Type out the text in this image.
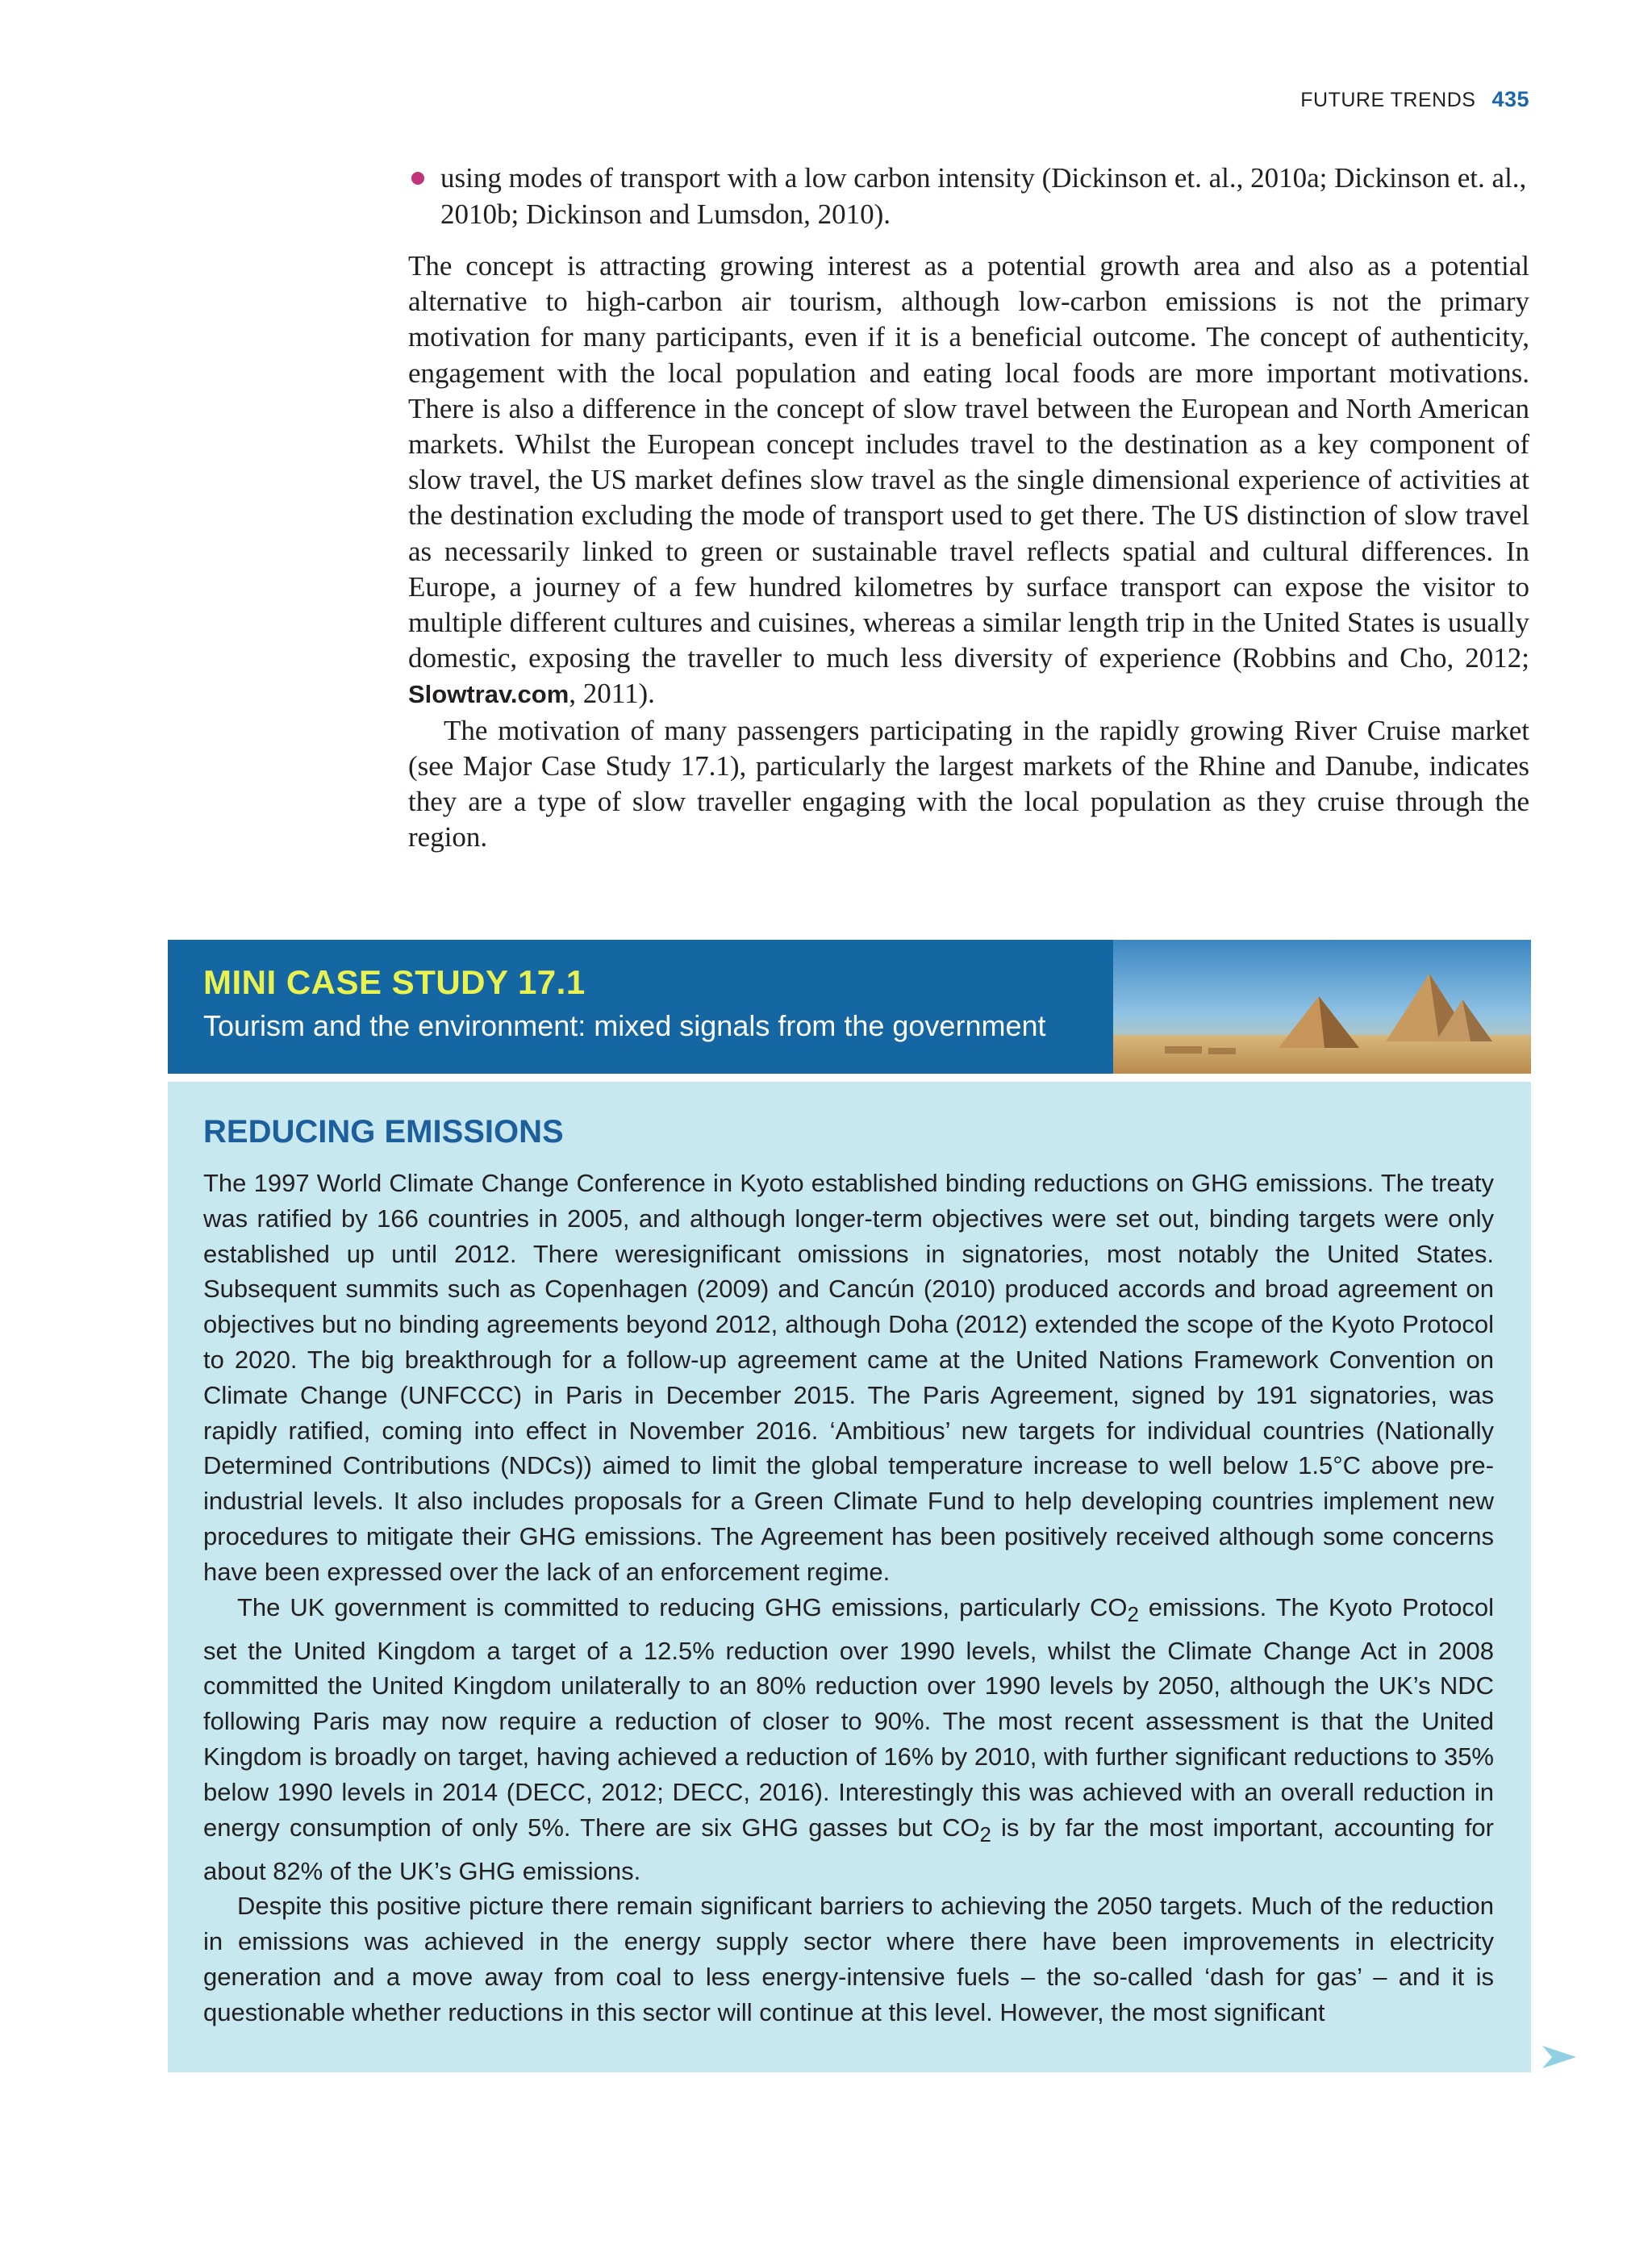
FUTURE TRENDS 435
using modes of transport with a low carbon intensity (Dickinson et. al., 2010a; Dickinson et. al., 2010b; Dickinson and Lumsdon, 2010).

The concept is attracting growing interest as a potential growth area and also as a potential alternative to high-carbon air tourism, although low-carbon emissions is not the primary motivation for many participants, even if it is a beneficial outcome. The concept of authenticity, engagement with the local population and eating local foods are more important motivations. There is also a difference in the concept of slow travel between the European and North American markets. Whilst the European concept includes travel to the destination as a key component of slow travel, the US market defines slow travel as the single dimensional experience of activities at the destination excluding the mode of transport used to get there. The US distinction of slow travel as necessarily linked to green or sustainable travel reflects spatial and cultural differences. In Europe, a journey of a few hundred kilometres by surface transport can expose the visitor to multiple different cultures and cuisines, whereas a similar length trip in the United States is usually domestic, exposing the traveller to much less diversity of experience (Robbins and Cho, 2012; Slowtrav.com, 2011).

The motivation of many passengers participating in the rapidly growing River Cruise market (see Major Case Study 17.1), particularly the largest markets of the Rhine and Danube, indicates they are a type of slow traveller engaging with the local population as they cruise through the region.

MINI CASE STUDY 17.1
Tourism and the environment: mixed signals from the government
REDUCING EMISSIONS

The 1997 World Climate Change Conference in Kyoto established binding reductions on GHG emissions. The treaty was ratified by 166 countries in 2005, and although longer-term objectives were set out, binding targets were only established up until 2012. There weresignificant omissions in signatories, most notably the United States. Subsequent summits such as Copenhagen (2009) and Cancún (2010) produced accords and broad agreement on objectives but no binding agreements beyond 2012, although Doha (2012) extended the scope of the Kyoto Protocol to 2020. The big breakthrough for a follow-up agreement came at the United Nations Framework Convention on Climate Change (UNFCCC) in Paris in December 2015. The Paris Agreement, signed by 191 signatories, was rapidly ratified, coming into effect in November 2016. ‘Ambitious’ new targets for individual countries (Nationally Determined Contributions (NDCs)) aimed to limit the global temperature increase to well below 1.5°C above pre-industrial levels. It also includes proposals for a Green Climate Fund to help developing countries implement new procedures to mitigate their GHG emissions. The Agreement has been positively received although some concerns have been expressed over the lack of an enforcement regime.

The UK government is committed to reducing GHG emissions, particularly $CO_2$ emissions. The Kyoto Protocol set the United Kingdom a target of a 12.5% reduction over 1990 levels, whilst the Climate Change Act in 2008 committed the United Kingdom unilaterally to an 80% reduction over 1990 levels by 2050, although the UK’s NDC following Paris may now require a reduction of closer to 90%. The most recent assessment is that the United Kingdom is broadly on target, having achieved a reduction of 16% by 2010, with further significant reductions to 35% below 1990 levels in 2014 (DECC, 2012; DECC, 2016). Interestingly this was achieved with an overall reduction in energy consumption of only 5%. There are six GHG gasses but $CO_2$ is by far the most important, accounting for about 82% of the UK’s GHG emissions.

Despite this positive picture there remain significant barriers to achieving the 2050 targets. Much of the reduction in emissions was achieved in the energy supply sector where there have been improvements in electricity generation and a move away from coal to less energy-intensive fuels – the so-called ‘dash for gas’ – and it is questionable whether reductions in this sector will continue at this level. However, the most significant
